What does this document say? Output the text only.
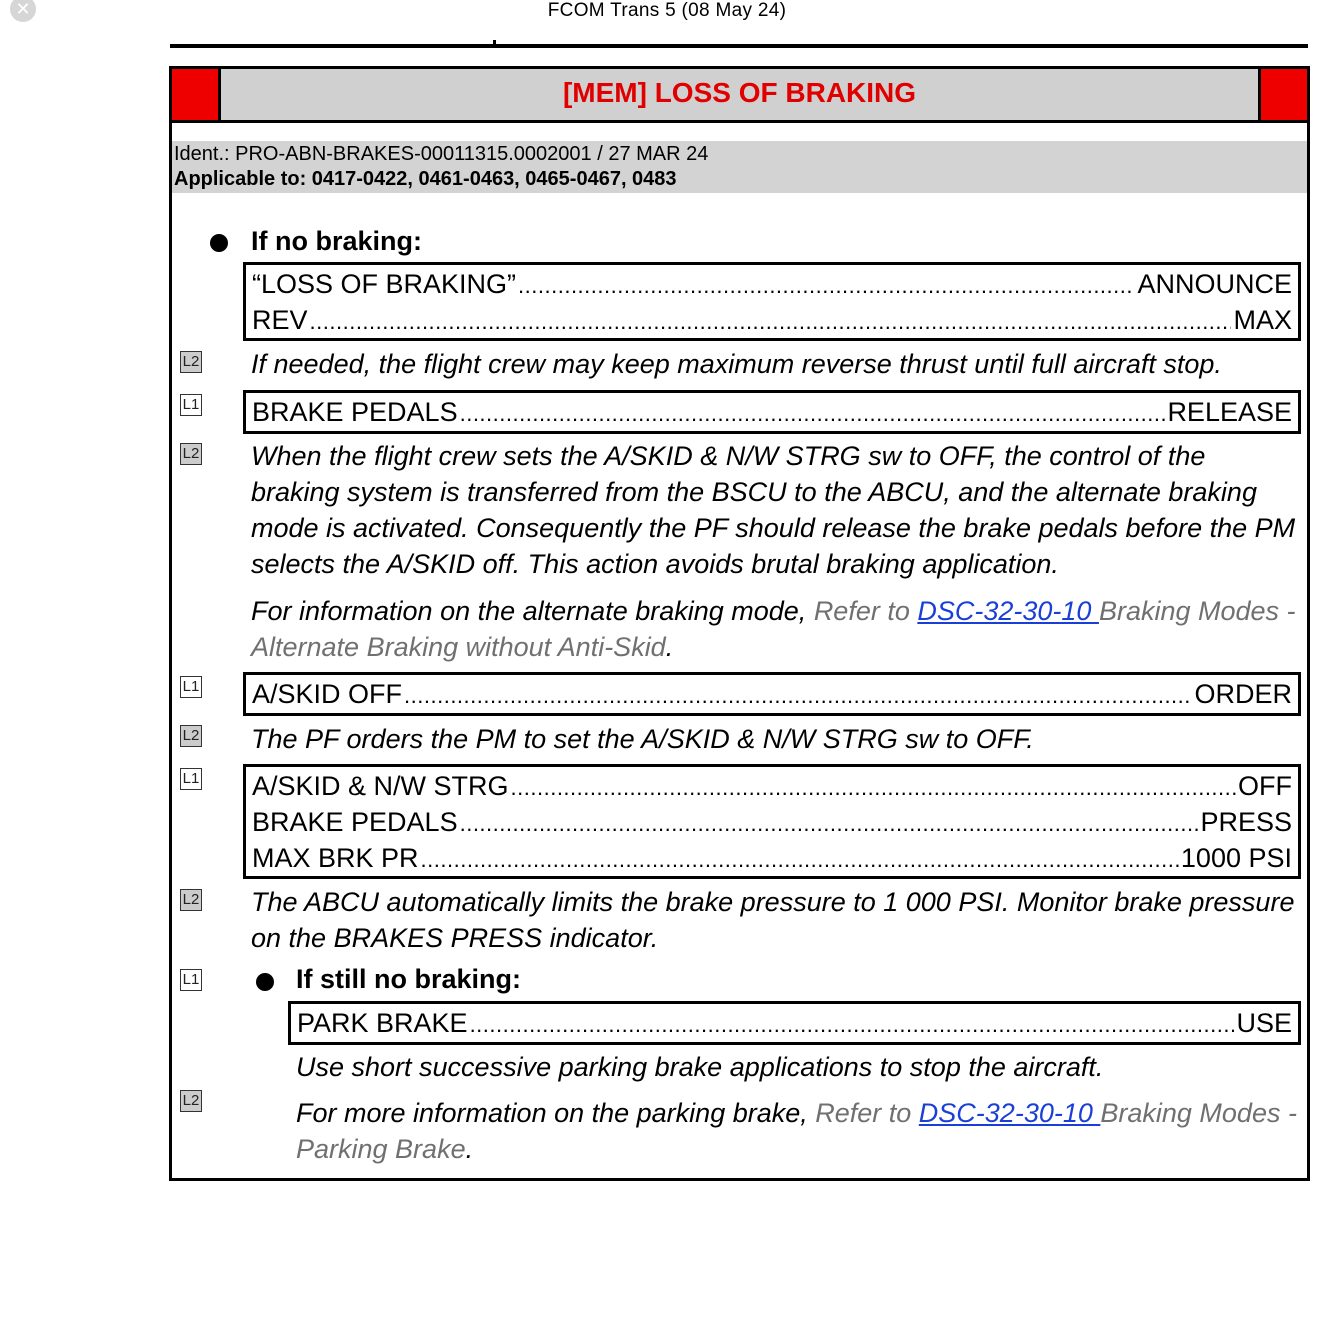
✕	FCOM Trans 5 (08 May 24)
[MEM] LOSS OF BRAKING
Ident.: PRO-ABN-BRAKES-00011315.0002001 / 27 MAR 24
Applicable to: 0417-0422, 0461-0463, 0465-0467, 0483
If no braking:
“LOSS OF BRAKING” .....	ANNOUNCE
REV .....	MAX
L2 If needed, the flight crew may keep maximum reverse thrust until full aircraft stop.
L1 BRAKE PEDALS .....	RELEASE
L2 When the flight crew sets the A/SKID & N/W STRG sw to OFF, the control of the braking system is transferred from the BSCU to the ABCU, and the alternate braking mode is activated. Consequently the PF should release the brake pedals before the PM selects the A/SKID off. This action avoids brutal braking application.
For information on the alternate braking mode, Refer to DSC-32-30-10 Braking Modes - Alternate Braking without Anti-Skid.
L1 A/SKID OFF .....	ORDER
L2 The PF orders the PM to set the A/SKID & N/W STRG sw to OFF.
L1 A/SKID & N/W STRG .....	OFF
BRAKE PEDALS .....	PRESS
MAX BRK PR .....	1000 PSI
L2 The ABCU automatically limits the brake pressure to 1 000 PSI. Monitor brake pressure on the BRAKES PRESS indicator.
L1	If still no braking:
PARK BRAKE .....	USE
Use short successive parking brake applications to stop the aircraft.
L2	For more information on the parking brake, Refer to DSC-32-30-10 Braking Modes - Parking Brake.
